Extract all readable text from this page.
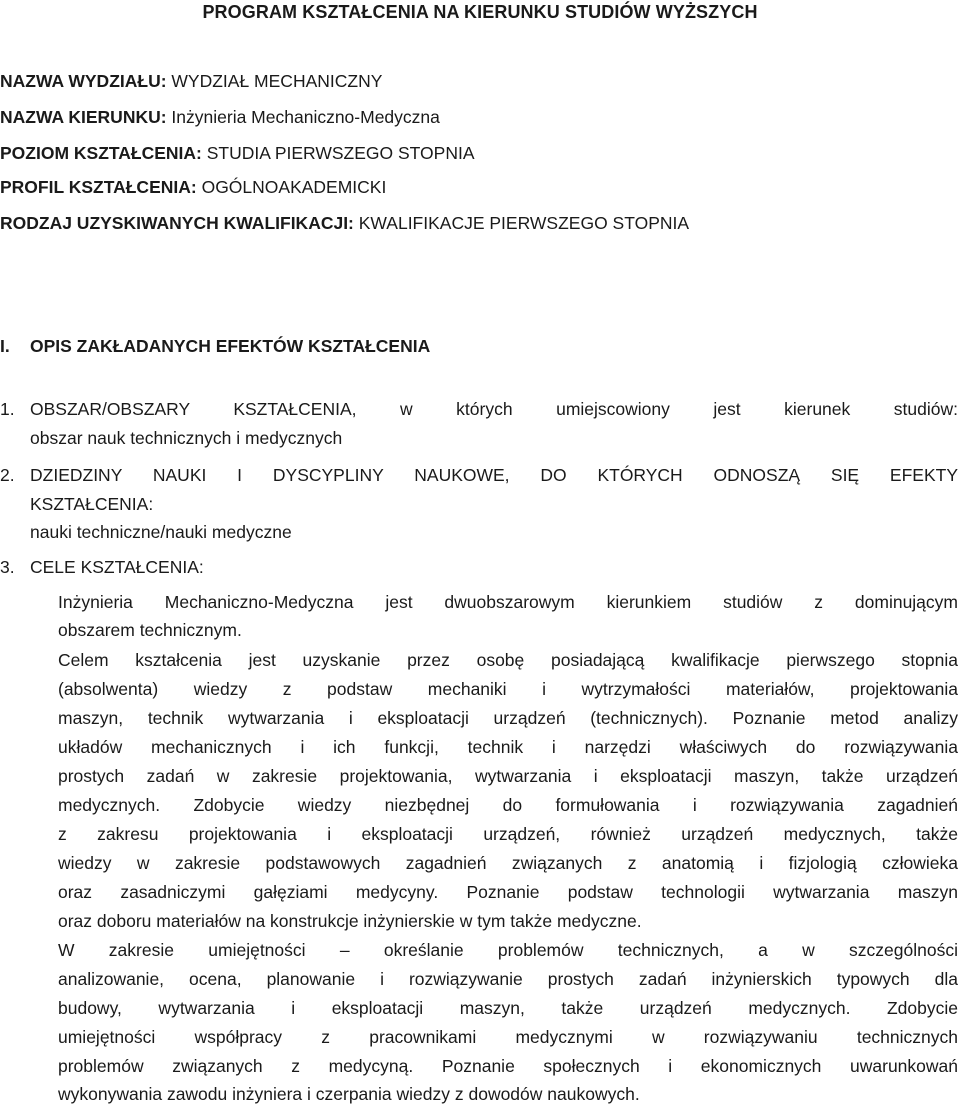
PROGRAM KSZTAŁCENIA NA KIERUNKU STUDIÓW WYŻSZYCH
NAZWA WYDZIAŁU: WYDZIAŁ MECHANICZNY
NAZWA KIERUNKU: Inżynieria Mechaniczno-Medyczna
POZIOM KSZTAŁCENIA: STUDIA PIERWSZEGO STOPNIA
PROFIL KSZTAŁCENIA: OGÓLNOAKADEMICKI
RODZAJ UZYSKIWANYCH KWALIFIKACJI: KWALIFIKACJE PIERWSZEGO STOPNIA
I. OPIS ZAKŁADANYCH EFEKTÓW KSZTAŁCENIA
1. OBSZAR/OBSZARY KSZTAŁCENIA, w których umiejscowiony jest kierunek studiów:
obszar nauk technicznych i medycznych
2. DZIEDZINY NAUKI I DYSCYPLINY NAUKOWE, DO KTÓRYCH ODNOSZĄ SIĘ EFEKTY
KSZTAŁCENIA:
nauki techniczne/nauki medyczne
3. CELE KSZTAŁCENIA:
Inżynieria Mechaniczno-Medyczna jest dwuobszarowym kierunkiem studiów z dominującym
obszarem technicznym.
Celem kształcenia jest uzyskanie przez osobę posiadającą kwalifikacje pierwszego stopnia
(absolwenta) wiedzy z podstaw mechaniki i wytrzymałości materiałów, projektowania
maszyn, technik wytwarzania i eksploatacji urządzeń (technicznych). Poznanie metod analizy
układów mechanicznych i ich funkcji, technik i narzędzi właściwych do rozwiązywania
prostych zadań w zakresie projektowania, wytwarzania i eksploatacji maszyn, także urządzeń
medycznych. Zdobycie wiedzy niezbędnej do formułowania i rozwiązywania zagadnień
z zakresu projektowania i eksploatacji urządzeń, również urządzeń medycznych, także
wiedzy w zakresie podstawowych zagadnień związanych z anatomią i fizjologią człowieka
oraz zasadniczymi gałęziami medycyny. Poznanie podstaw technologii wytwarzania maszyn
oraz doboru materiałów na konstrukcje inżynierskie w tym także medyczne.
W zakresie umiejętności – określanie problemów technicznych, a w szczególności
analizowanie, ocena, planowanie i rozwiązywanie prostych zadań inżynierskich typowych dla
budowy, wytwarzania i eksploatacji maszyn, także urządzeń medycznych. Zdobycie
umiejętności współpracy z pracownikami medycznymi w rozwiązywaniu technicznych
problemów związanych z medycyną. Poznanie społecznych i ekonomicznych uwarunkowań
wykonywania zawodu inżyniera i czerpania wiedzy z dowodów naukowych.
